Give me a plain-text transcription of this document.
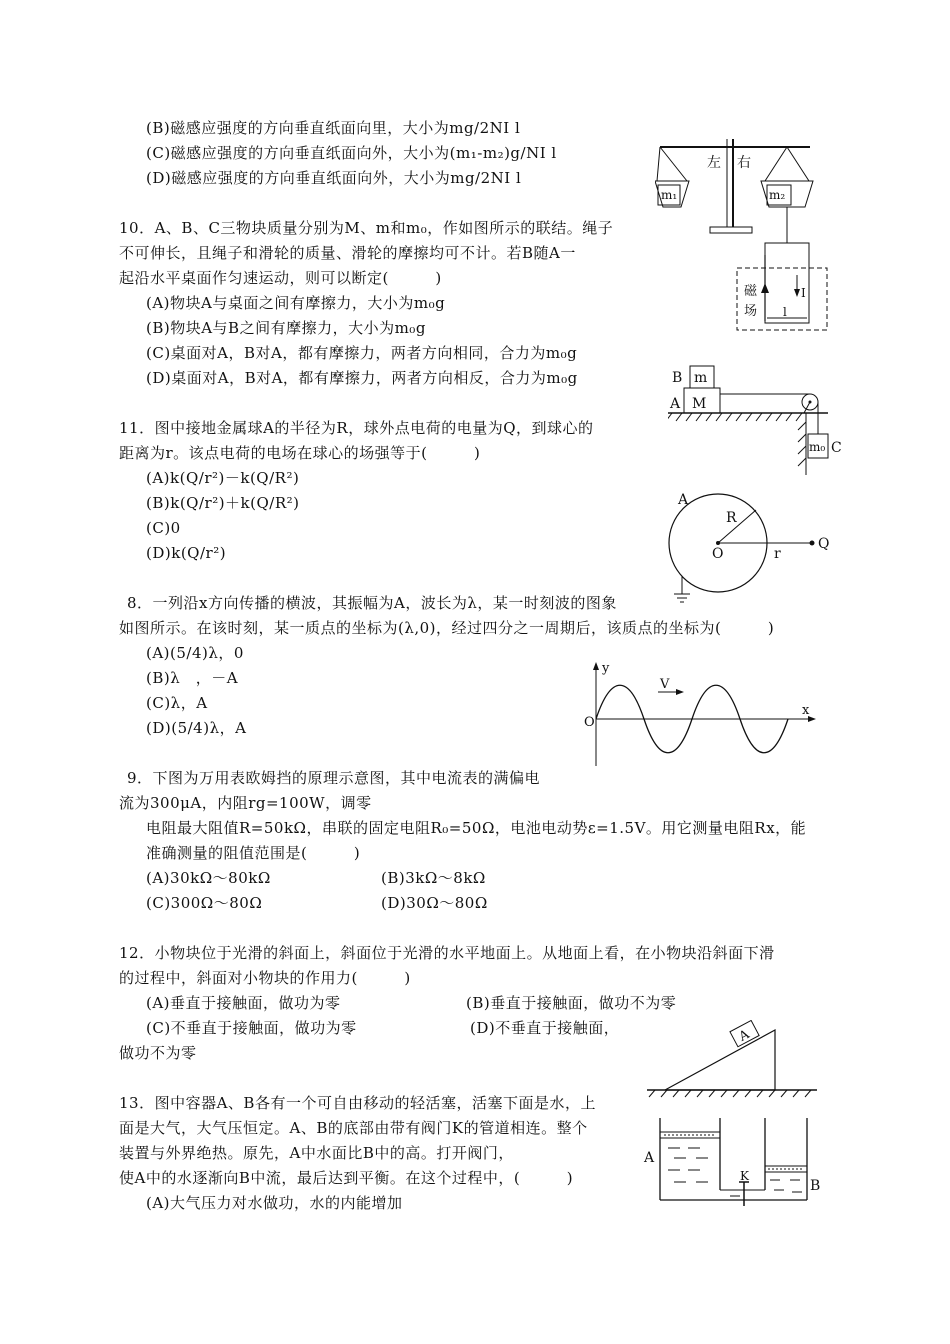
(B)磁感应强度的方向垂直纸面向里，大小为mg/2NI l
(C)磁感应强度的方向垂直纸面向外，大小为(m₁-m₂)g/NI l
(D)磁感应强度的方向垂直纸面向外，大小为mg/2NI l
10．A、B、C三物块质量分别为M、m和m₀，作如图所示的联结。绳子
不可伸长，且绳子和滑轮的质量、滑轮的摩擦均可不计。若B随A一
起沿水平桌面作匀速运动，则可以断定(　　　)
(A)物块A与桌面之间有摩擦力，大小为m₀g
(B)物块A与B之间有摩擦力，大小为m₀g
(C)桌面对A，B对A，都有摩擦力，两者方向相同，合力为m₀g
(D)桌面对A，B对A，都有摩擦力，两者方向相反，合力为m₀g
11．图中接地金属球A的半径为R，球外点电荷的电量为Q，到球心的
距离为r。该点电荷的电场在球心的场强等于(　　　)
(A)k(Q/r²)－k(Q/R²)
(B)k(Q/r²)＋k(Q/R²)
(C)0
(D)k(Q/r²)
8．一列沿x方向传播的横波，其振幅为A，波长为λ，某一时刻波的图象
如图所示。在该时刻，某一质点的坐标为(λ,0)，经过四分之一周期后，该质点的坐标为(　　　)
(A)(5/4)λ，0
(B)λ　，－A
(C)λ，A
(D)(5/4)λ，A
9．下图为万用表欧姆挡的原理示意图，其中电流表的满偏电
流为300μA，内阻rg=100W，调零
电阻最大阻值R=50kΩ，串联的固定电阻R₀=50Ω，电池电动势ε=1.5V。用它测量电阻Rx，能
准确测量的阻值范围是(　　　)
(A)30kΩ～80kΩ	(B)3kΩ～8kΩ
(C)300Ω～80Ω	(D)30Ω～80Ω
12．小物块位于光滑的斜面上，斜面位于光滑的水平地面上。从地面上看，在小物块沿斜面下滑
的过程中，斜面对小物块的作用力(　　　)
(A)垂直于接触面，做功为零	(B)垂直于接触面，做功不为零
(C)不垂直于接触面，做功为零	(D)不垂直于接触面，
做功不为零
13．图中容器A、B各有一个可自由移动的轻活塞，活塞下面是水，上
面是大气，大气压恒定。A、B的底部由带有阀门K的管道相连。整个
装置与外界绝热。原先，A中水面比B中的高。打开阀门，
使A中的水逐渐向B中流，最后达到平衡。在这个过程中，(　　　)
(A)大气压力对水做功，水的内能增加
左 右
m₁	m₂
I
磁
场 l
B m
A M
m₀ C
A
R
O	r
Q
y
x
O
V
A
K
A
B
